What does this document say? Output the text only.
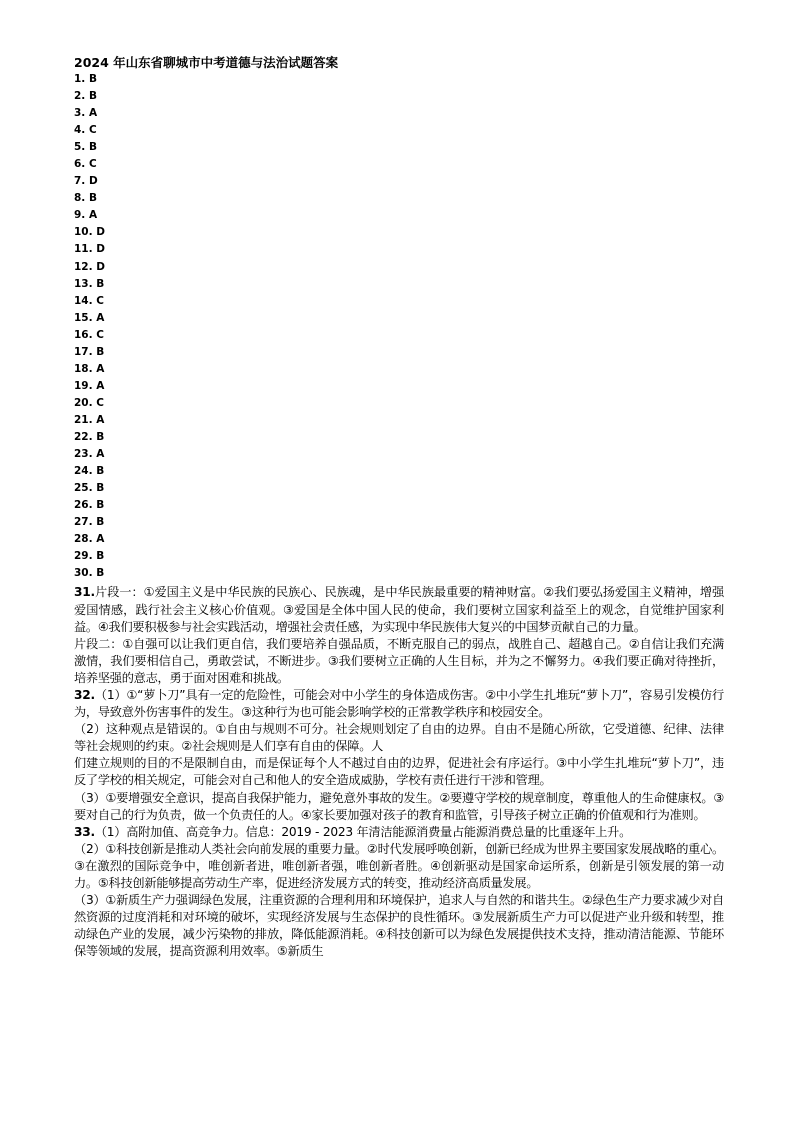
2024 年山东省聊城市中考道德与法治试题答案
1. B
2. B
3. A
4. C
5. B
6. C
7. D
8. B
9. A
10. D
11. D
12. D
13. B
14. C
15. A
16. C
17. B
18. A
19. A
20. C
21. A
22. B
23. A
24. B
25. B
26. B
27. B
28. A
29. B
30. B

31.片段一：①爱国主义是中华民族的民族心、民族魂，是中华民族最重要的精神财富。②我们要弘扬爱国主义精神，增强爱国情感，践行社会主义核心价值观。③爱国是全体中国人民的使命，我们要树立国家利益至上的观念，自觉维护国家利益。④我们要积极参与社会实践活动，增强社会责任感，为实现中华民族伟大复兴的中国梦贡献自己的力量。

片段二：①自强可以让我们更自信，我们要培养自强品质，不断克服自己的弱点，战胜自己、超越自己。②自信让我们充满激情，我们要相信自己，勇敢尝试，不断进步。③我们要树立正确的人生目标，并为之不懈努力。④我们要正确对待挫折，培养坚强的意志，勇于面对困难和挑战。

32.（1）①“萝卜刀”具有一定的危险性，可能会对中小学生的身体造成伤害。②中小学生扎堆玩“萝卜刀”，容易引发模仿行为，导致意外伤害事件的发生。③这种行为也可能会影响学校的正常教学秩序和校园安全。

（2）这种观点是错误的。①自由与规则不可分。社会规则划定了自由的边界。自由不是随心所欲，它受道德、纪律、法律等社会规则的约束。②社会规则是人们享有自由的保障。人

们建立规则的目的不是限制自由，而是保证每个人不越过自由的边界，促进社会有序运行。③中小学生扎堆玩“萝卜刀”，违反了学校的相关规定，可能会对自己和他人的安全造成威胁，学校有责任进行干涉和管理。

（3）①要增强安全意识，提高自我保护能力，避免意外事故的发生。②要遵守学校的规章制度，尊重他人的生命健康权。③要对自己的行为负责，做一个负责任的人。④家长要加强对孩子的教育和监管，引导孩子树立正确的价值观和行为准则。

33.（1）高附加值、高竞争力。信息：2019 - 2023 年清洁能源消费量占能源消费总量的比重逐年上升。

（2）①科技创新是推动人类社会向前发展的重要力量。②时代发展呼唤创新，创新已经成为世界主要国家发展战略的重心。③在激烈的国际竞争中，唯创新者进，唯创新者强，唯创新者胜。④创新驱动是国家命运所系，创新是引领发展的第一动力。⑤科技创新能够提高劳动生产率，促进经济发展方式的转变，推动经济高质量发展。

（3）①新质生产力强调绿色发展，注重资源的合理利用和环境保护，追求人与自然的和谐共生。②绿色生产力要求减少对自然资源的过度消耗和对环境的破坏，实现经济发展与生态保护的良性循环。③发展新质生产力可以促进产业升级和转型，推动绿色产业的发展，减少污染物的排放，降低能源消耗。④科技创新可以为绿色发展提供技术支持，推动清洁能源、节能环保等领域的发展，提高资源利用效率。⑤新质生
